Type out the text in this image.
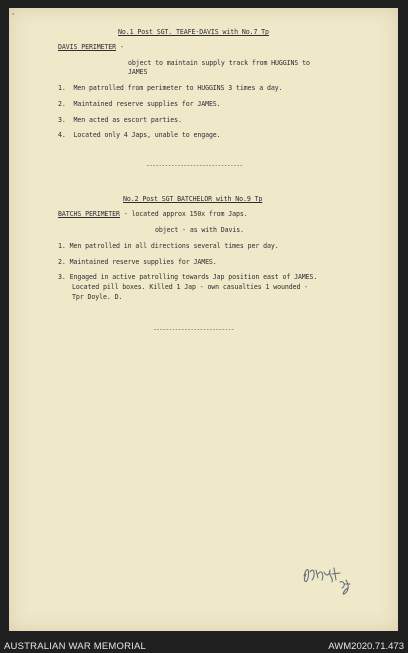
'
No.1 Post SGT. TEAFE-DAVIS with No.7 Tp
DAVIS PERIMETER -
object to maintain supply track from HUGGINS to
JAMES
1. Men patrolled from perimeter to HUGGINS 3 times a day.
2. Maintained reserve supplies for JAMES.
3. Men acted as escort parties.
4. Located only 4 Japs, unable to engage.
-------------------------------
No.2 Post SGT BATCHELOR with No.9 Tp
BATCHS PERIMETER - located approx 150x from Japs.
object - as with Davis.
1. Men patrolled in all directions several times per day.
2. Maintained reserve supplies for JAMES.
3. Engaged in active patrolling towards Jap position east of JAMES.
Located pill boxes. Killed 1 Jap - own casualties 1 wounded -
Tpr Doyle. D.
--------------------------
AUSTRALIAN WAR MEMORIAL	AWM2020.71.473
